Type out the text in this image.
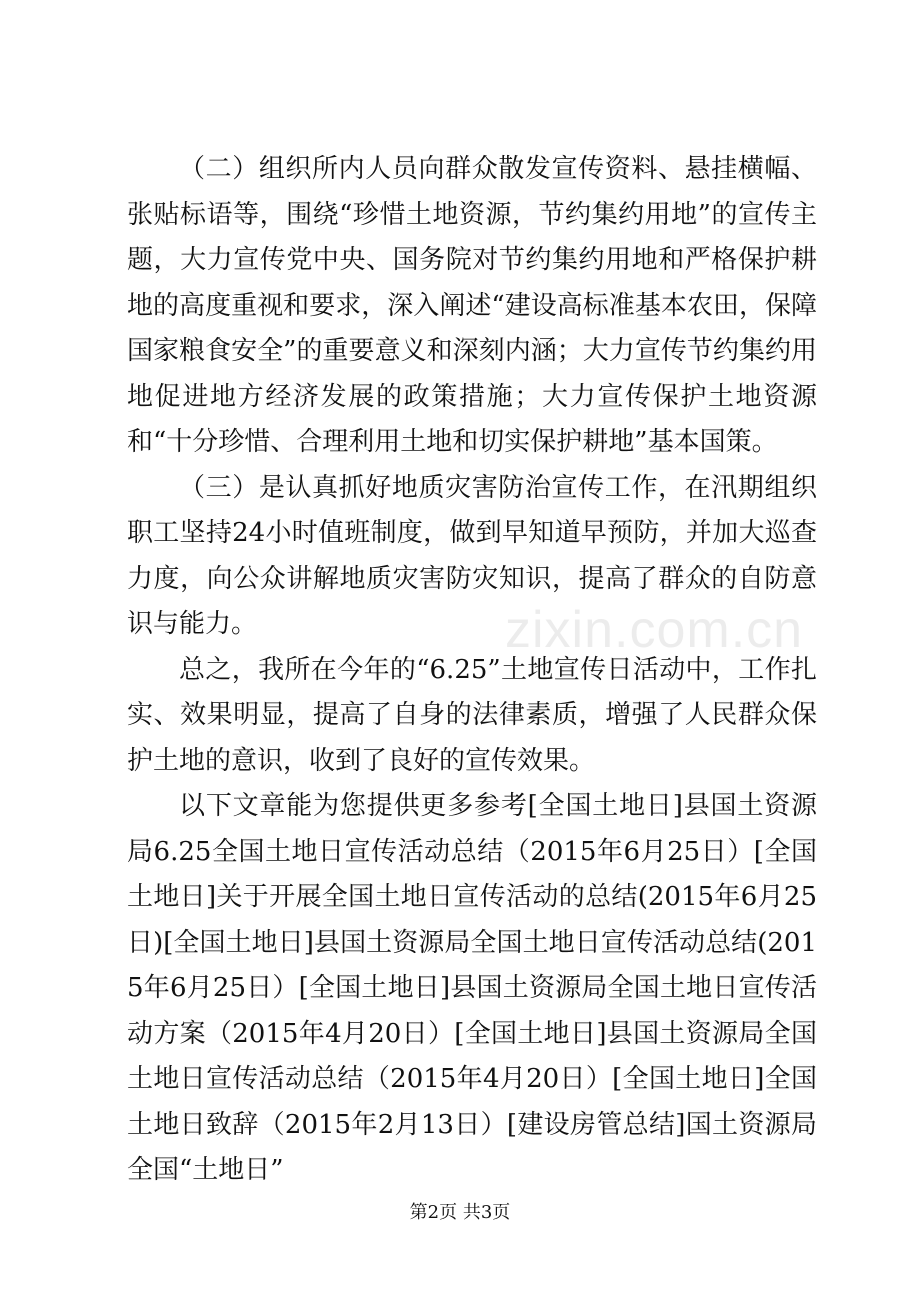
（二）组织所内人员向群众散发宣传资料、悬挂横幅、张贴标语等，围绕“珍惜土地资源，节约集约用地”的宣传主题，大力宣传党中央、国务院对节约集约用地和严格保护耕地的高度重视和要求，深入阐述“建设高标准基本农田，保障国家粮食安全”的重要意义和深刻内涵；大力宣传节约集约用地促进地方经济发展的政策措施；大力宣传保护土地资源和“十分珍惜、合理利用土地和切实保护耕地”基本国策。

（三）是认真抓好地质灾害防治宣传工作，在汛期组织职工坚持24小时值班制度，做到早知道早预防，并加大巡查力度，向公众讲解地质灾害防灾知识，提高了群众的自防意识与能力。

总之，我所在今年的“6.25”土地宣传日活动中，工作扎实、效果明显，提高了自身的法律素质，增强了人民群众保护土地的意识，收到了良好的宣传效果。

以下文章能为您提供更多参考[全国土地日]县国土资源局6.25全国土地日宣传活动总结（2015年6月25日）[全国土地日]关于开展全国土地日宣传活动的总结(2015年6月25日)[全国土地日]县国土资源局全国土地日宣传活动总结(2015年6月25日）[全国土地日]县国土资源局全国土地日宣传活动方案（2015年4月20日）[全国土地日]县国土资源局全国土地日宣传活动总结（2015年4月20日）[全国土地日]全国土地日致辞（2015年2月13日）[建设房管总结]国土资源局全国“土地日”

zixin.com.cn
第2页 共3页
